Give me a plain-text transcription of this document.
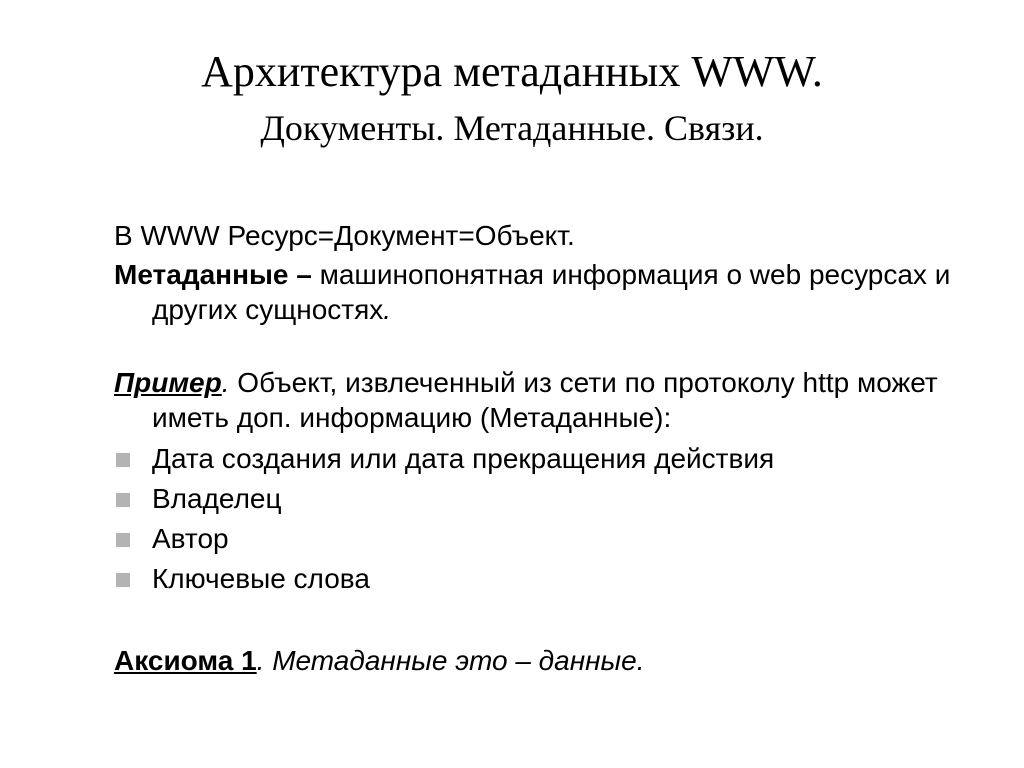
Архитектура метаданных WWW.
Документы. Метаданные. Связи.

В WWW Ресурс=Документ=Объект.

Метаданные – машинопонятная информация о web ресурсах и других сущностях.

Пример. Объект, извлеченный из сети по протоколу http может иметь доп. информацию (Метаданные):

Дата создания или дата прекращения действия
Владелец
Автор
Ключевые слова

Аксиома 1. Метаданные это – данные.
